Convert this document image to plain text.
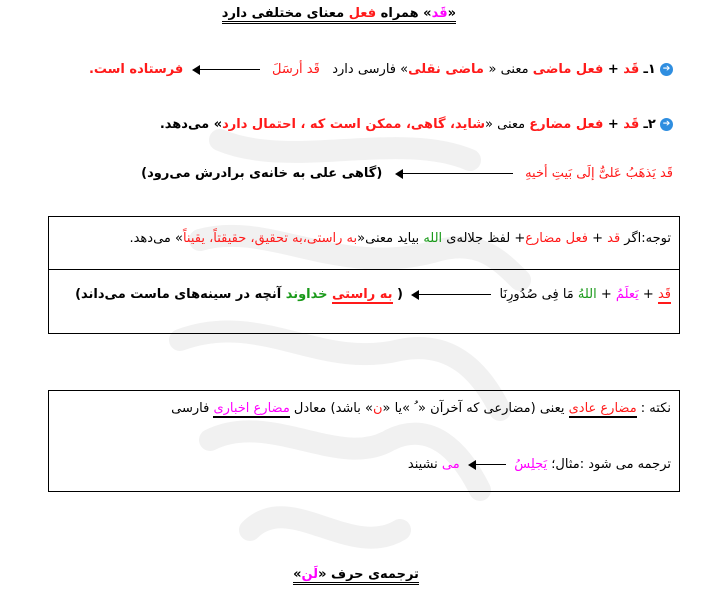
«قَد» همراه فعل معنای مختلفی دارد
➔ ۱ـ قَد + فعل ماضی معنی « ماضی نقلی» فارسی دارد   قَد أرسَلَ
فرستاده است.
➔ ۲ـ قَد + فعل مضارع معنی «شاید، گاهی، ممکن است که ، احتمال دارد» می‌دهد.
قَد یَذهَبُ عَلیٌّ إلَی بَیتِ أخیهِ
(گاهی علی به خانه‌ی برادرش می‌رود)
توجه:اگر قد + فعل مضارع+ لفظ جلاله‌ی الله بیاید معنی«به راستی،به تحقیق، حقیقتاً، یقیناً» می‌دهد.
قَد + یَعلَمُ + اللهُ مَا فِی صُدُورِنَا
( به راستی خداوند آنچه در سینه‌های ماست می‌داند)
نکته : مضارع عادی یعنی (مضارعی که آخرآن « ُ »یا «ن» باشد) معادل مضارع اخباری فارسی
ترجمه می شود :مثال؛ یَجلِسُ
می نشیند
ترجمه‌ی حرف «لَن»
